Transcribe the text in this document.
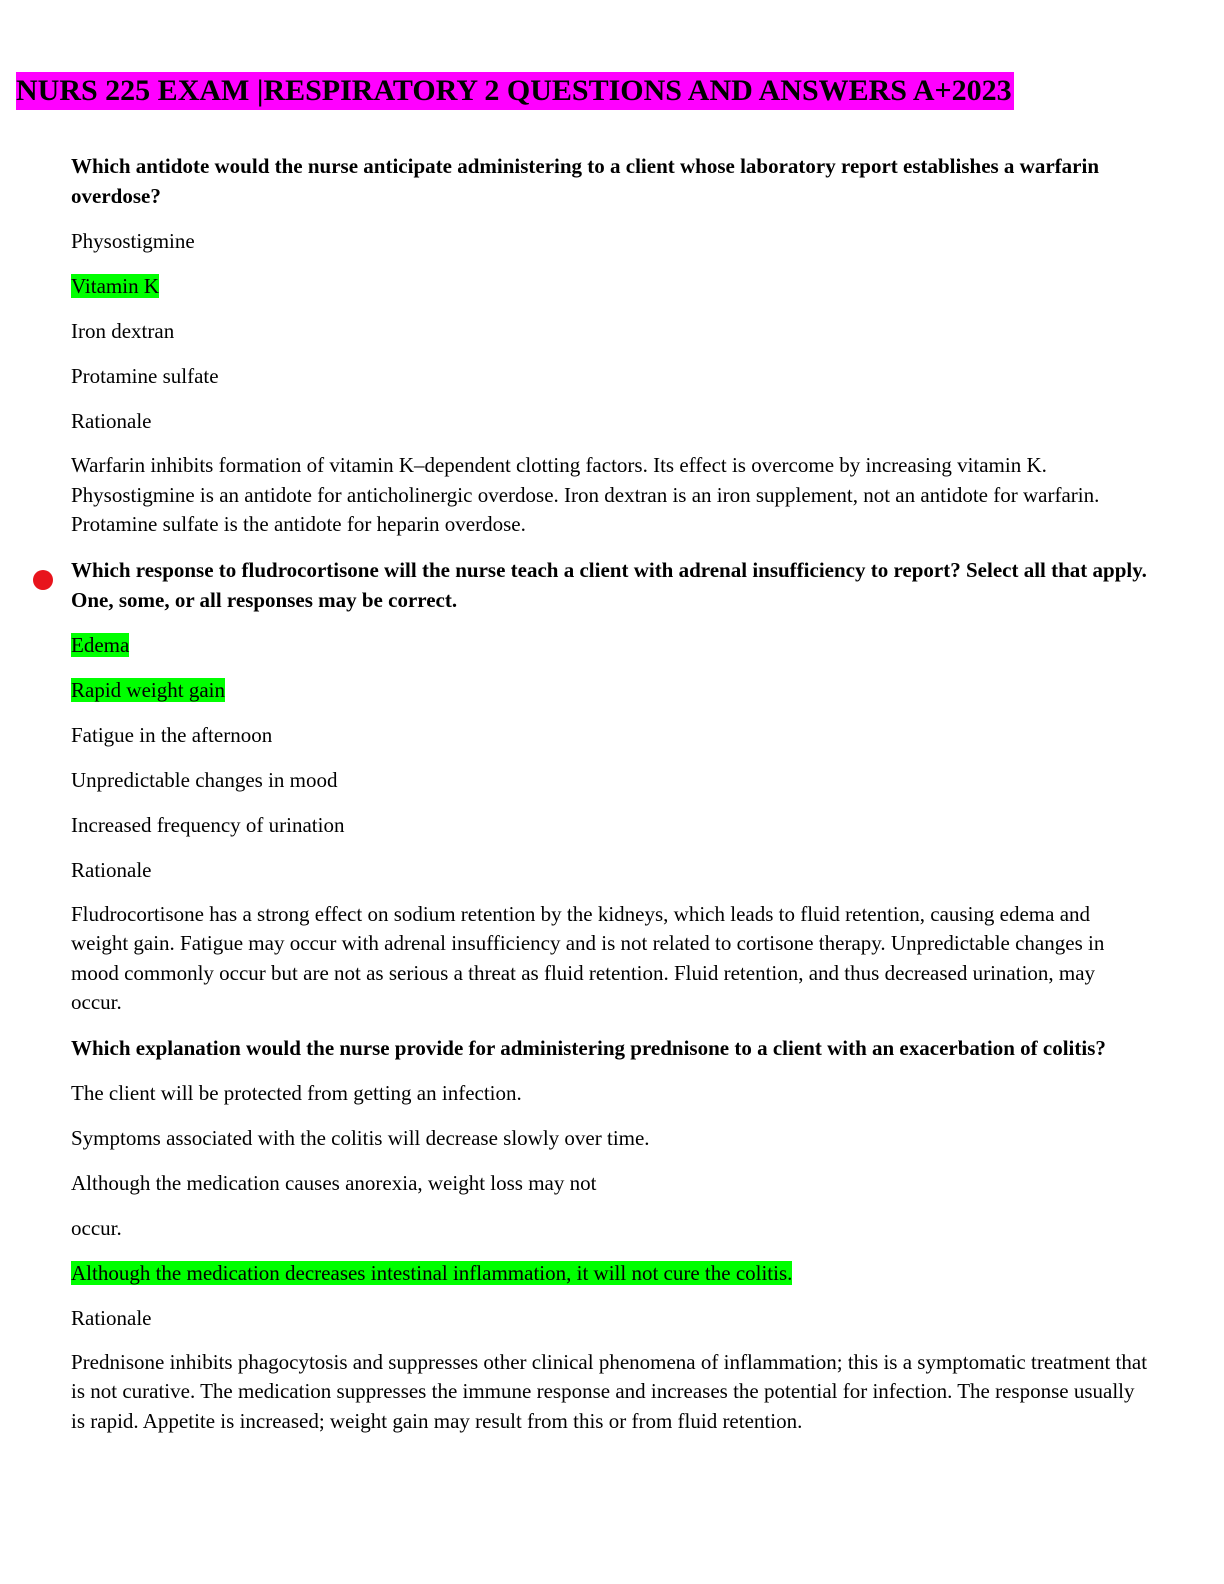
NURS 225 EXAM |RESPIRATORY 2 QUESTIONS AND ANSWERS A+2023

Which antidote would the nurse anticipate administering to a client whose laboratory report establishes a warfarin overdose?

Physostigmine

Vitamin K

Iron dextran

Protamine sulfate

Rationale

Warfarin inhibits formation of vitamin K–dependent clotting factors. Its effect is overcome by increasing vitamin K. Physostigmine is an antidote for anticholinergic overdose. Iron dextran is an iron supplement, not an antidote for warfarin. Protamine sulfate is the antidote for heparin overdose.

Which response to fludrocortisone will the nurse teach a client with adrenal insufficiency to report? Select all that apply. One, some, or all responses may be correct.

Edema

Rapid weight gain

Fatigue in the afternoon

Unpredictable changes in mood

Increased frequency of urination

Rationale

Fludrocortisone has a strong effect on sodium retention by the kidneys, which leads to fluid retention, causing edema and weight gain. Fatigue may occur with adrenal insufficiency and is not related to cortisone therapy. Unpredictable changes in mood commonly occur but are not as serious a threat as fluid retention. Fluid retention, and thus decreased urination, may occur.

Which explanation would the nurse provide for administering prednisone to a client with an exacerbation of colitis?

The client will be protected from getting an infection.

Symptoms associated with the colitis will decrease slowly over time.

Although the medication causes anorexia, weight loss may not

occur.

Although the medication decreases intestinal inflammation, it will not cure the colitis.

Rationale

Prednisone inhibits phagocytosis and suppresses other clinical phenomena of inflammation; this is a symptomatic treatment that is not curative. The medication suppresses the immune response and increases the potential for infection. The response usually is rapid. Appetite is increased; weight gain may result from this or from fluid retention.
